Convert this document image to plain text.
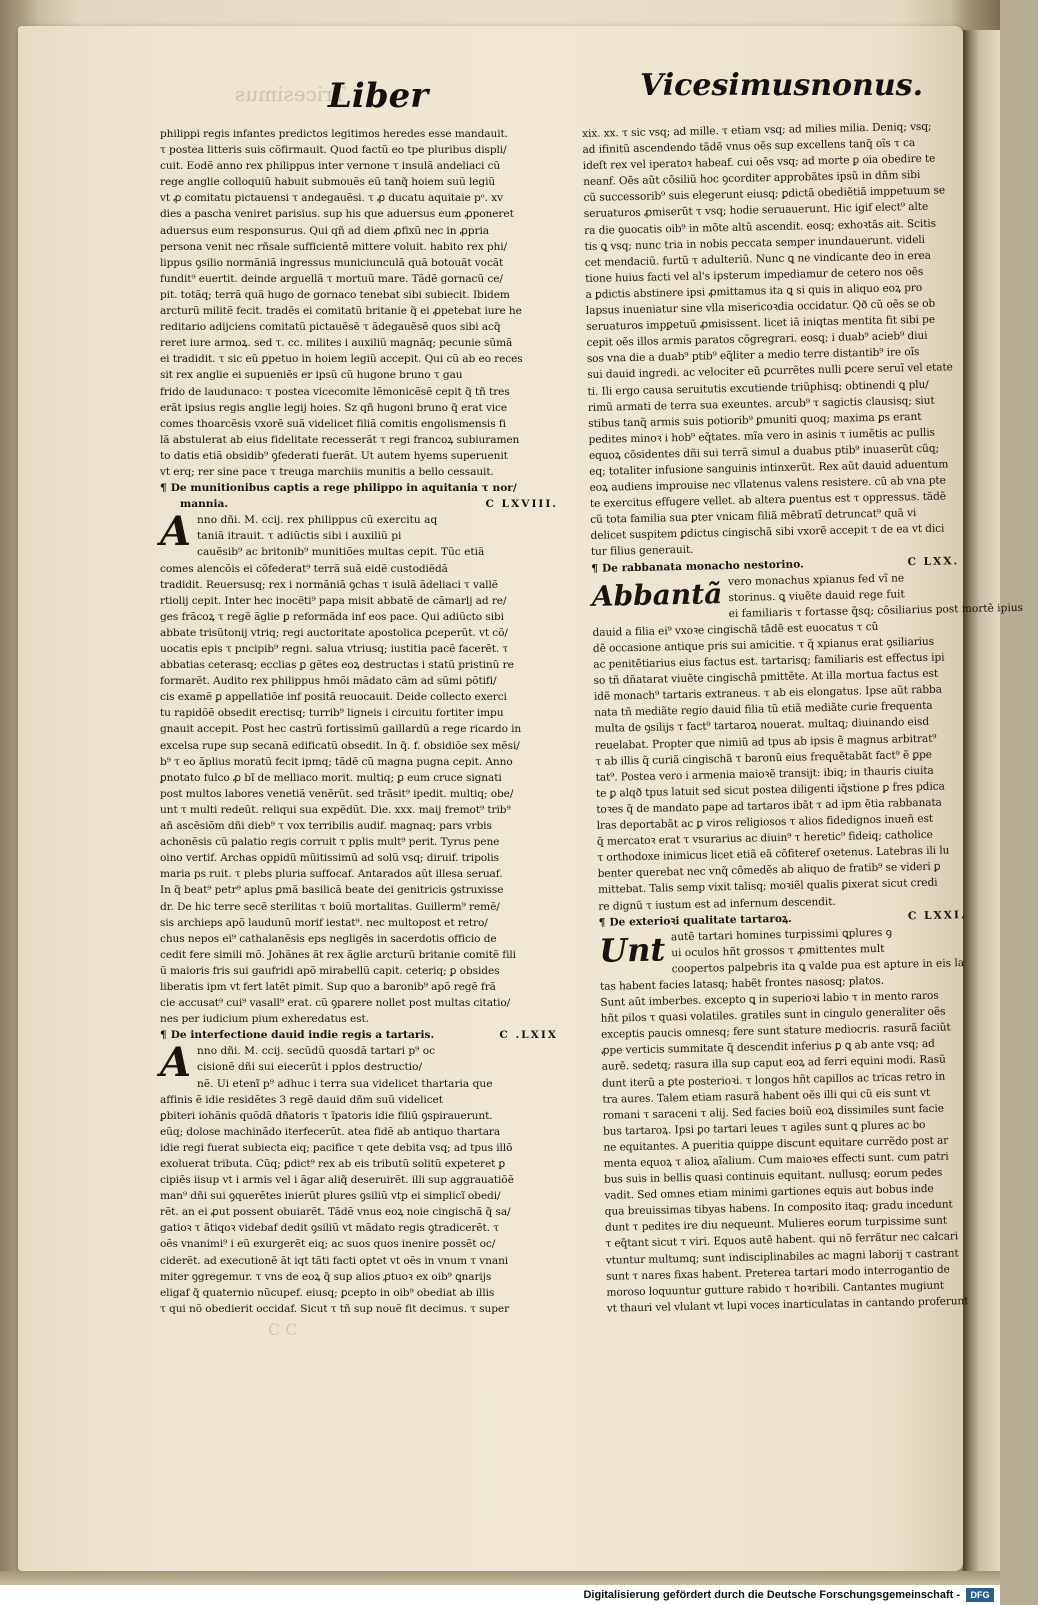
Tricesimus
Liber	Vicesimusnonus.
philippi regis infantes predictos legitimos heredes esse mandauit.
τ postea litteris suis cõfirmauit. Quod factũ eo tpe pluribus displi/
cuit. Eodẽ anno rex philippus inter vernone τ insulã andeliaci cũ
rege anglie colloquiũ habuit submouẽs eũ tanq̃ hoiem suũ legiũ
vt ꝓ comitatu pictauensi τ andegauẽsi. τ ꝓ ducatu aquitaie pᵒ. xv
dies a pascha veniret parisius. sup his que aduersus eum ꝓponeret
aduersus eum responsurus. Qui qñ ad diem ꝓfixũ nec in ꝓpria
persona venit nec rñsale sufficientẽ mittere voluit. habito rex phi/
lippus ꝯsilio normãniã ingressus municiunculã quã botouãt vocãt
fundit⁹ euertit. deinde arguellã τ mortuũ mare. Tãdẽ gornacũ ce/
pit. totãq; terrã quã hugo de gornaco tenebat sibi subiecit. Ibidem
arcturũ militẽ fecit. tradẽs ei comitatũ britanie q̃ ei ꝓpetebat iure he
reditario adijciens comitatũ pictauẽsẽ τ ãdegauẽsẽ quos sibi acq̃
reret iure armoꝝ. sed τ. cc. milites i auxiliũ magnãq; pecunie sũmã
ei tradidit. τ sic eũ ꝑpetuo in hoiem legiũ accepit. Qui cũ ab eo reces
sit rex anglie ei supueniẽs er ipsũ cũ hugone bruno τ gau
frido de laudunaco: τ postea vicecomite lẽmonicẽsẽ cepit q̃ tñ tres
erãt ipsius regis anglie legij hoies. Sz qñ hugoni bruno q̃ erat vice
comes thoarcẽsis vxorẽ suã videlicet filiã comitis engolismensis fi
lã abstulerat ab eius fidelitate recesserãt τ regi francoꝝ subiuramen
to datis etiã obsidib⁹ ꝯfederati fuerãt. Ut autem hyems superuenit
vt erq; rer sine pace τ treuga marchiis munitis a bello cessauit.
¶ De munitionibus captis a rege philippo in aquitania τ nor/
mannia.	C LXVIII.
A nno dñi. M. ccij. rex philippus cũ exercitu aq
taniã itrauit. τ adiũctis sibi i auxiliũ pi
cauẽsib⁹ ac britonib⁹ munitiões multas cepit. Tũc etiã
comes alencõis ei cõfederat⁹ terrã suã eidẽ custodiẽdã
tradidit. Reuersusq; rex i normãniã ꝯchas τ isulã ãdeliaci τ vallẽ
rtiolij cepit. Inter hec inocẽti⁹ papa misit abbatẽ de cãmarlj ad re/
ges frãcoꝝ τ regẽ ãglie ꝑ reformãda inf eos pace. Qui adiũcto sibi
abbate trisũtonij vtriq; regi auctoritate apostolica ꝑceperũt. vt cõ/
uocatis epis τ pncipib⁹ regni. salua vtriusq; iustitia pacẽ facerẽt. τ
abbatias ceterasq; ecclias ꝑ gẽtes eoꝝ destructas i statũ pristinũ re
formarẽt. Audito rex philippus hmõi mãdato cãm ad sũmi põtifi/
cis examẽ ꝑ appellatiõe inf positã reuocauit. Deide collecto exerci
tu rapidõẽ obsedit erectisq; turrib⁹ ligneis i circuitu fortiter impu
gnauit accepit. Post hec castrũ fortissimũ gaillardũ a rege ricardo in
excelsa rupe sup secanã edificatũ obsedit. In q̃. f. obsidiõe sex mẽsi/
b⁹ τ eo ãplius moratũ fecit ipmq; tãdẽ cũ magna pugna cepit. Anno
ꝑnotato fulco ꝓ bĩ de melliaco morit. multiq; ꝑ eum cruce signati
post multos labores venetiã venẽrũt. sed trãsit⁹ ipedit. multiq; obe/
unt τ multi redeũt. reliqui sua expẽdũt. Die. xxx. maij fremot⁹ trib⁹
añ ascẽsiõm dñi dieb⁹ τ vox terribilis audif. magnaq; pars vrbis
achonẽsis cũ palatio regis corruit τ pplis mult⁹ perit. Tyrus pene
oino vertif. Archas oppidũ mũitissimũ ad solũ vsq; diruif. tripolis
maria ps ruit. τ plebs pluria suffocaf. Antarados aũt illesa seruaf.
In q̃ beat⁹ petr⁹ aplus ꝑmã basilicã beate dei genitricis ꝯstruxisse
dr. De hic terre secẽ sterilitas τ boiũ mortalitas. Guillerm⁹ remẽ/
sis archieps apõ laudunũ morif iestat⁹. nec multopost et retro/
chus nepos ei⁹ cathalanẽsis eps negligẽs in sacerdotis officio de
cedit fere simili mõ. Johãnes ãt rex ãglie arcturũ britanie comitẽ fili
ũ maioris fris sui gaufridi apõ mirabellũ capit. ceteriq; ꝑ obsides
liberatis ipm vt fert latẽt pimit. Sup quo a baronib⁹ apõ regẽ frã
cie accusat⁹ cui⁹ vasall⁹ erat. cũ ꝯparere nollet post multas citatio/
nes per iudicium pium exheredatus est.
¶ De interfectione dauid indie regis a tartaris.	C .LXIX
A nno dñi. M. ccij. secũdũ quosdã tartari p⁹ oc
cisionẽ dñi sui eiecerũt i pplos destructio/
nẽ. Ui etenĩ p⁹ adhuc i terra sua videlicet thartaria que
affinis ẽ idie residẽtes 3 regẽ dauid dñm suũ videlicet
ꝑbiteri iohãnis quõdã dñatoris τ ĩpatoris idie filiũ ꝯspirauerunt.
eũq; dolose machinãdo iterfecerũt. atea fidẽ ab antiquo thartara
idie regi fuerat subiecta eiq; pacifice τ qete debita vsq; ad tpus illõ
exoluerat tributa. Cũq; ꝑdict⁹ rex ab eis tributũ solitũ expeteret ꝑ
cipiẽs iisup vt i armis vel i ãgar aliq̃ deseruirẽt. illi sup aggrauatiõẽ
man⁹ dñi sui ꝯquerẽtes inierũt plures ꝯsiliũ vtp ei simplicĩ obedi/
rẽt. an ei ꝓut possent obuiarẽt. Tãdẽ vnus eoꝝ noie cingischã q̃ sa/
gatioꝛ τ ãtiqoꝛ videbaf dedit ꝯsiliũ vt mãdato regis ꝯtradicerẽt. τ
oẽs vnanimi⁹ i eũ exurgerẽt eiq; ac suos quos inenire possẽt oc/
ciderẽt. ad executionẽ ãt iqt tãti facti optet vt oẽs in vnum τ vnani
miter ꝯgregemur. τ vns de eoꝝ q̃ sup alios ꝓtuoꝛ ex oib⁹ ꝗnarijs
eligaf q̃ quaternio nũcupef. eiusq; ꝑcepto in oib⁹ obediat ab illis
τ qui nõ obedierit occidaf. Sicut τ tñ sup nouẽ fit decimus. τ super
xix. xx. τ sic vsq; ad mille. τ etiam vsq; ad milies milia. Deniq; vsq;
ad ifinitũ ascendendo tãdẽ vnus oẽs sup excellens tanq̃ oĩs τ ca
ideſt rex vel iperatoꝛ habeaf. cui oẽs vsq; ad morte ꝑ oia obedire te
neanf. Oẽs aũt cõsiliũ hoc ꝯcorditer approbãtes ipsũ in dñm sibi
cũ successorib⁹ suis elegerunt eiusq; ꝑdictã obediẽtiã imppetuum se
seruaturos ꝓmiserũt τ vsq; hodie seruauerunt. Hic igif elect⁹ alte
ra die ꝯuocatis oib⁹ in mõte altũ ascendit. eosq; exhoꝛtãs ait. Scitis
tis ꝗ vsq; nunc tria in nobis peccata semper inundauerunt. videli
cet mendaciũ. furtũ τ adulteriũ. Nunc ꝗ ne vindicante deo in erea
tione huius facti vel al's ipsterum impediamur de cetero nos oẽs
a ꝑdictis abstinere ipsi ꝓmittamus ita ꝗ si quis in aliquo eoꝝ pro
lapsus inueniatur sine vlla misericoꝛdia occidatur. Qð cũ oẽs se ob
seruaturos impꝑetuũ ꝓmisissent. licet iã iniqtas mentita fit sibi pe
cepit oẽs illos armis paratos cõgregrari. eosq; i duab⁹ acieb⁹ diui
sos vna die a duab⁹ ptib⁹ eq̃liter a medio terre distantib⁹ ire oĩs
sui dauid ingredi. ac velociter eũ ꝑcurrẽtes nulli ꝑcere seruĩ vel etate
ti. Ili ergo causa seruitutis excutiende triũphisq; obtinendi ꝗ plu/
rimũ armati de terra sua exeuntes. arcub⁹ τ sagictis clausisq; siut
stibus tanq̃ armis suis potiorib⁹ ꝑmuniti quoq; maxima ꝑs erant
pedites minoꝛ i hob⁹ eq̃tates. mĩa vero in asinis τ iumẽtis ac pullis
equoꝝ cõsidentes dñi sui terrã simul a duabus ptib⁹ inuaserũt cũq;
eq; totaliter infusione sanguinis intinxerũt. Rex aũt dauid aduentum
eoꝝ audiens improuise nec vllatenus valens resistere. cũ ab vna pte
te exercitus effugere vellet. ab altera ꝑuentus est τ oppressus. tãdẽ
cũ tota familia sua ꝑter vnicam filiã mẽbratĩ detruncat⁹ quã vi
delicet suspitem ꝑdictus cingischã sibi vxorẽ accepit τ de ea vt dici
tur filius generauit.
¶ De rabbanata monacho nestorino.	C LXX.
Abbantã vero monachus xpianus fed vĩ ne
storinus. ꝗ viuẽte dauid rege fuit
ei familiaris τ fortasse q̃sq; cõsiliarius post mortẽ ipius
dauid a filia ei⁹ vxoꝛe cingischã tãdẽ est euocatus τ cũ
dẽ occasione antique pris sui amicitie. τ q̃ xpianus erat ꝯsiliarius
ac penitẽtiarius eius factus est. tartarisq; familiaris est effectus ipi
so tñ dñatarat viuẽte cingischã pmittẽte. At illa mortua factus est
idẽ monach⁹ tartaris extraneus. τ ab eis elongatus. Ipse aũt rabba
nata tñ mediãte regio dauid filia tũ etiã mediãte curie frequenta
multa de ꝯsilijs τ fact⁹ tartaroꝝ nouerat. multaq; diuinando eisd
reuelabat. Propter que nimiũ ad tpus ab ipsis ẽ magnus arbitrat⁹
τ ab illis q̃ curiã cingischã τ baronũ eius frequẽtabãt fact⁹ ẽ ꝑpe
tat⁹. Postea vero i armenia maioꝛẽ transijt: ibiq; in thauris ciuita
te ꝑ alqð tpus latuit sed sicut postea diligenti iq̃stione ꝑ fres pdica
toꝛes q̃ de mandato pape ad tartaros ibãt τ ad ipm ẽtia rabbanata
lras deportabãt ac ꝑ viros religiosos τ alios fidedignos inueñ est
q̃ mercatoꝛ erat τ vsurarius ac diuin⁹ τ heretic⁹ fideiq; catholice
τ orthodoxe inimicus licet etiã eã cõfiteref oꝛetenus. Latebras ili lu
benter querebat nec vnq̃ cõmedẽs ab aliquo de fratib⁹ se videri ꝑ
mittebat. Talis semp vixit talisq; moꝛiẽl qualis ꝑixerat sicut credi
re dignũ τ iustum est ad infernum descendit.
¶ De exterioꝛi qualitate tartaroꝝ.	C LXXI.
Unt autẽ tartari homines turpissimi ꝗplures ꝯ
ui oculos hñt grossos τ ꝓmittentes mult
coopertos palpebris ita ꝗ valde pua est apture in eis la
tas habent facies latasq; habẽt frontes nasosq; platos.
Sunt aũt imberbes. excepto ꝗ in superioꝛi labio τ in mento raros
hñt pilos τ quasi volatiles. gratiles sunt in cingulo generaliter oẽs
exceptis paucis omnesq; fere sunt stature mediocris. rasurã faciũt
ꝓpe verticis summitate q̃ descendit inferius ꝑ ꝗ ab ante vsq; ad
aurẽ. sedetq; rasura illa sup caput eoꝝ ad ferri equini modi. Rasũ
dunt iterũ a ꝑte posterioꝛi. τ longos hñt capillos ac tricas retro in
tra aures. Talem etiam rasurã habent oẽs illi qui cũ eis sunt vt
romani τ saraceni τ alij. Sed facies boiũ eoꝝ dissimiles sunt facie
bus tartaroꝝ. Ipsi ꝑo tartari leues τ agiles sunt ꝗ plures ac bo
ne equitantes. A pueritia quippe discunt equitare currẽdo post ar
menta equoꝝ τ alioꝝ aĩalium. Cum maioꝛes effecti sunt. cum patri
bus suis in bellis quasi continuis equitant. nullusq; eorum pedes
vadit. Sed omnes etiam minimi gartiones equis aut bobus inde
qua breuissimas tibyas habens. In composito itaq; gradu incedunt
dunt τ pedites ire diu nequeunt. Mulieres eorum turpissime sunt
τ eq̃tant sicut τ viri. Equos autẽ habent. qui nõ ferrãtur nec calcari
vtuntur multumq; sunt indisciplinabiles ac magni laborij τ castrant
sunt τ nares fixas habent. Preterea tartari modo interrogantio de
moroso loquuntur gutture rabido τ hoꝛribili. Cantantes mugiunt
vt thauri vel vlulant vt lupi voces inarticulatas in cantando proferunt
C C
Digitalisierung gefördert durch die Deutsche Forschungsgemeinschaft -	DFG
